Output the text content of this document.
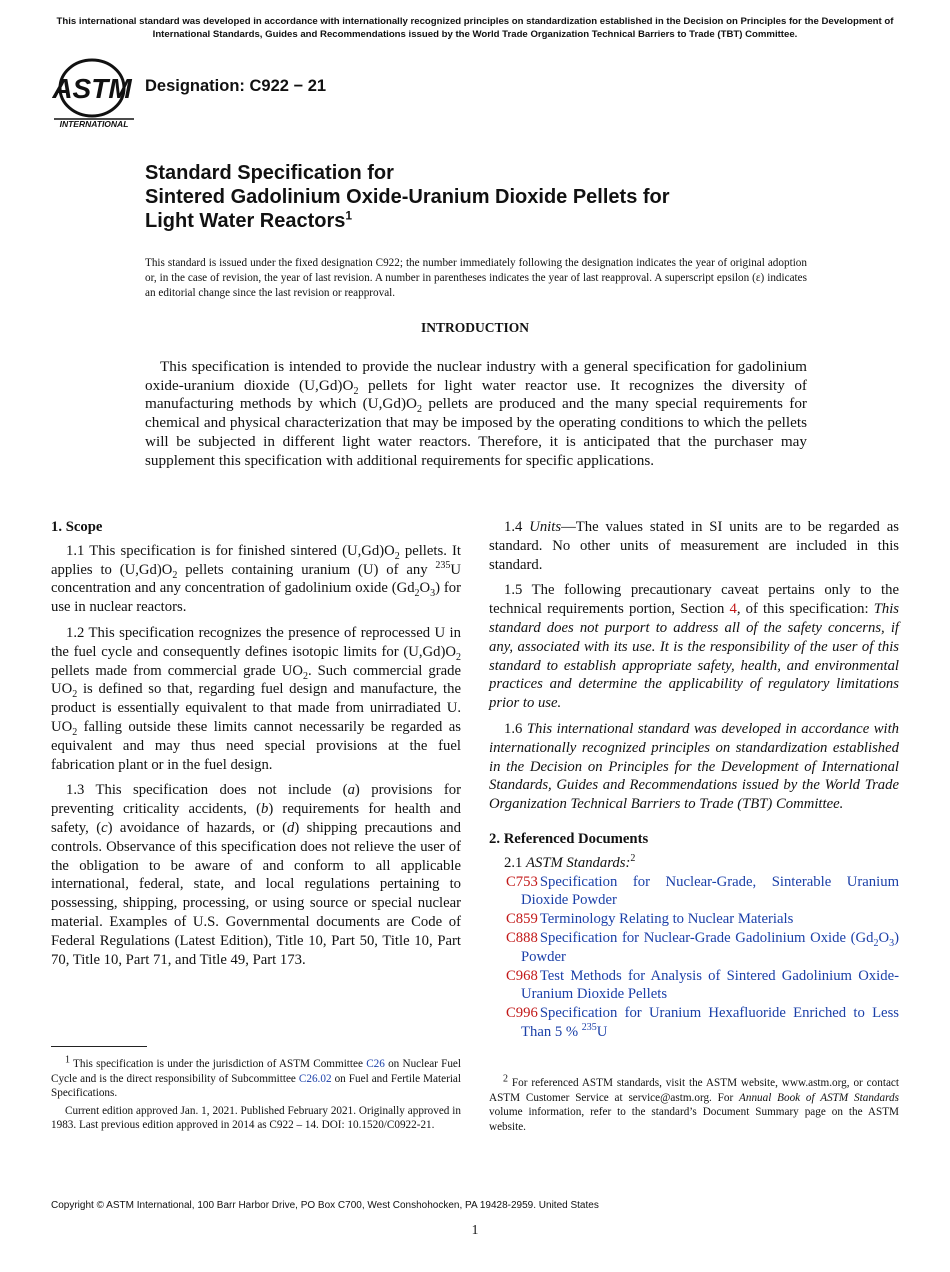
This international standard was developed in accordance with internationally recognized principles on standardization established in the Decision on Principles for the Development of International Standards, Guides and Recommendations issued by the World Trade Organization Technical Barriers to Trade (TBT) Committee.
ASTM
INTERNATIONAL
Designation: C922 − 21
Standard Specification for
Sintered Gadolinium Oxide-Uranium Dioxide Pellets for
Light Water Reactors$^1$
This standard is issued under the fixed designation C922; the number immediately following the designation indicates the year of original adoption or, in the case of revision, the year of last revision. A number in parentheses indicates the year of last reapproval. A superscript epsilon (ε) indicates an editorial change since the last revision or reapproval.
INTRODUCTION
This specification is intended to provide the nuclear industry with a general specification for gadolinium oxide-uranium dioxide $(U,Gd)O_2$ pellets for light water reactor use. It recognizes the diversity of manufacturing methods by which $(U,Gd)O_2$ pellets are produced and the many special requirements for chemical and physical characterization that may be imposed by the operating conditions to which the pellets will be subjected in different light water reactors. Therefore, it is anticipated that the purchaser may supplement this specification with additional requirements for specific applications.
1. Scope

1.1 This specification is for finished sintered $(U,Gd)O_2$ pellets. It applies to $(U,Gd)O_2$ pellets containing uranium (U) of any $^{235}$U concentration and any concentration of gadolinium oxide $(Gd_2O_3)$ for use in nuclear reactors.

1.2 This specification recognizes the presence of reprocessed U in the fuel cycle and consequently defines isotopic limits for $(U,Gd)O_2$ pellets made from commercial grade $UO_2$. Such commercial grade $UO_2$ is defined so that, regarding fuel design and manufacture, the product is essentially equivalent to that made from unirradiated U. $UO_2$ falling outside these limits cannot necessarily be regarded as equivalent and may thus need special provisions at the fuel fabrication plant or in the fuel design.

1.3 This specification does not include (a) provisions for preventing criticality accidents, (b) requirements for health and safety, (c) avoidance of hazards, or (d) shipping precautions and controls. Observance of this specification does not relieve the user of the obligation to be aware of and conform to all applicable international, federal, state, and local regulations pertaining to possessing, shipping, processing, or using source or special nuclear material. Examples of U.S. Governmental documents are Code of Federal Regulations (Latest Edition), Title 10, Part 50, Title 10, Part 70, Title 10, Part 71, and Title 49, Part 173.

1.4 Units—The values stated in SI units are to be regarded as standard. No other units of measurement are included in this standard.

1.5 The following precautionary caveat pertains only to the technical requirements portion, Section 4, of this specification: This standard does not purport to address all of the safety concerns, if any, associated with its use. It is the responsibility of the user of this standard to establish appropriate safety, health, and environmental practices and determine the applicability of regulatory limitations prior to use.

1.6 This international standard was developed in accordance with internationally recognized principles on standardization established in the Decision on Principles for the Development of International Standards, Guides and Recommendations issued by the World Trade Organization Technical Barriers to Trade (TBT) Committee.

2. Referenced Documents

2.1 ASTM Standards:$^2$

C753 Specification for Nuclear-Grade, Sinterable Uranium Dioxide Powder
C859 Terminology Relating to Nuclear Materials
C888 Specification for Nuclear-Grade Gadolinium Oxide $(Gd_2O_3)$ Powder
C968 Test Methods for Analysis of Sintered Gadolinium Oxide-Uranium Dioxide Pellets
C996 Specification for Uranium Hexafluoride Enriched to Less Than 5 % $^{235}$U

$^1$ This specification is under the jurisdiction of ASTM Committee C26 on Nuclear Fuel Cycle and is the direct responsibility of Subcommittee C26.02 on Fuel and Fertile Material Specifications.

Current edition approved Jan. 1, 2021. Published February 2021. Originally approved in 1983. Last previous edition approved in 2014 as C922 – 14. DOI: 10.1520/C0922-21.

$^2$ For referenced ASTM standards, visit the ASTM website, www.astm.org, or contact ASTM Customer Service at service@astm.org. For Annual Book of ASTM Standards volume information, refer to the standard’s Document Summary page on the ASTM website.

Copyright © ASTM International, 100 Barr Harbor Drive, PO Box C700, West Conshohocken, PA 19428-2959. United States
1
